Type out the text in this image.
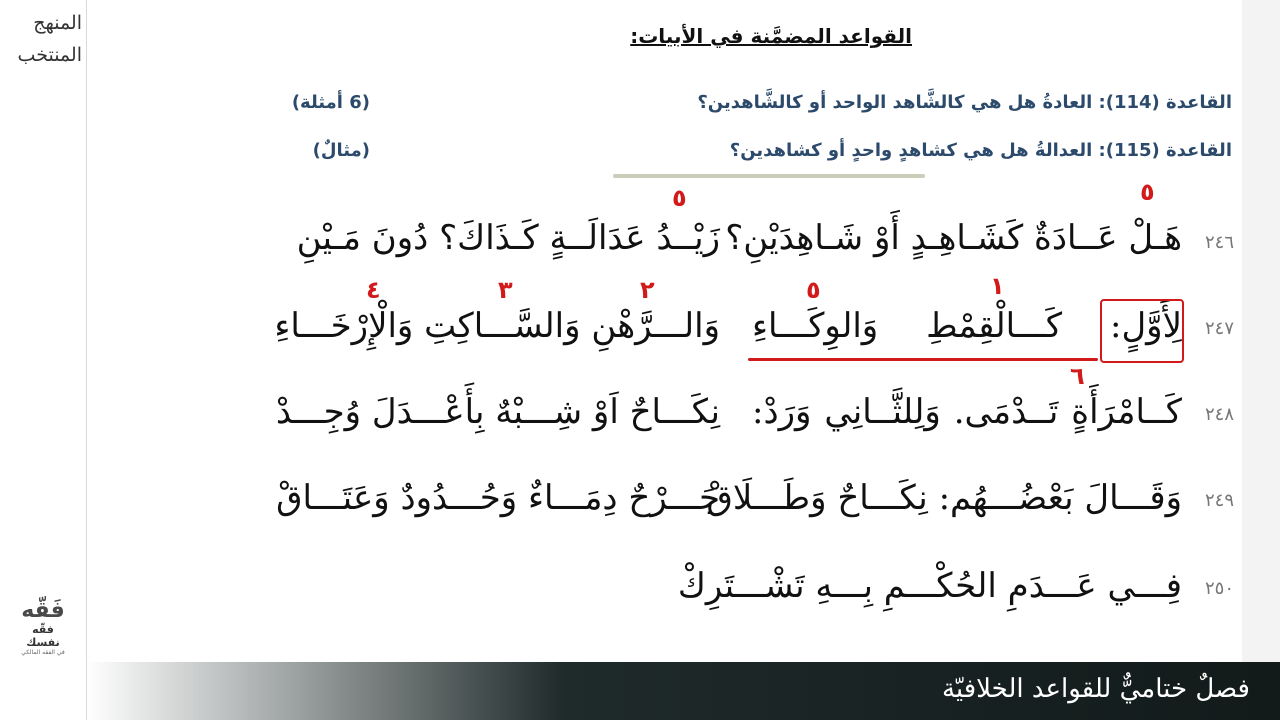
المنهج
المنتخب
فَقّه
فقّه نفسك
في الفقه المالكي
القواعد المضمَّنة في الأبيات:
القاعدة (114): العادةُ هل هي كالشَّاهد الواحد أو كالشَّاهدين؟
(6 أمثلة)
القاعدة (115): العدالةُ هل هي كشاهدٍ واحدٍ أو كشاهدين؟
(مثالٌ)
٢٤٦
هَـلْ عَــادَةٌ كَشَـاهِـدٍ أَوْ شَـاهِدَيْنِ؟
زَيْــدُ عَدَالَــةٍ كَـذَاكَ؟ دُونَ مَـيْنِ
٢٤٧
لِأَوَّلٍ: كَـــالْقِمْطِ وَالوِكَـــاءِ
وَالـــرَّهْنِ وَالسَّـــاكِتِ وَالْإِرْخَـــاءِ
٢٤٨
كَــامْرَأَةٍ تَــدْمَى. وَلِلثَّــانِي وَرَدْ:
نِكَـــاحٌ اَوْ شِـــبْهٌ بِأَعْـــدَلَ وُجِـــدْ
٢٤٩
وَقَـــالَ بَعْضُـــهُم: نِكَـــاحٌ وَطَـــلَاقْ
جَـــرْحٌ دِمَـــاءٌ وَحُـــدُودٌ وَعَتَـــاقْ
٢٥٠
فِـــي عَـــدَمِ الحُكْـــمِ بِـــهِ تَشْـــتَرِكْ
٥
٥
٤	٣	٢	١
٦
٥
فصلٌ ختاميٌّ للقواعد الخلافيّة
